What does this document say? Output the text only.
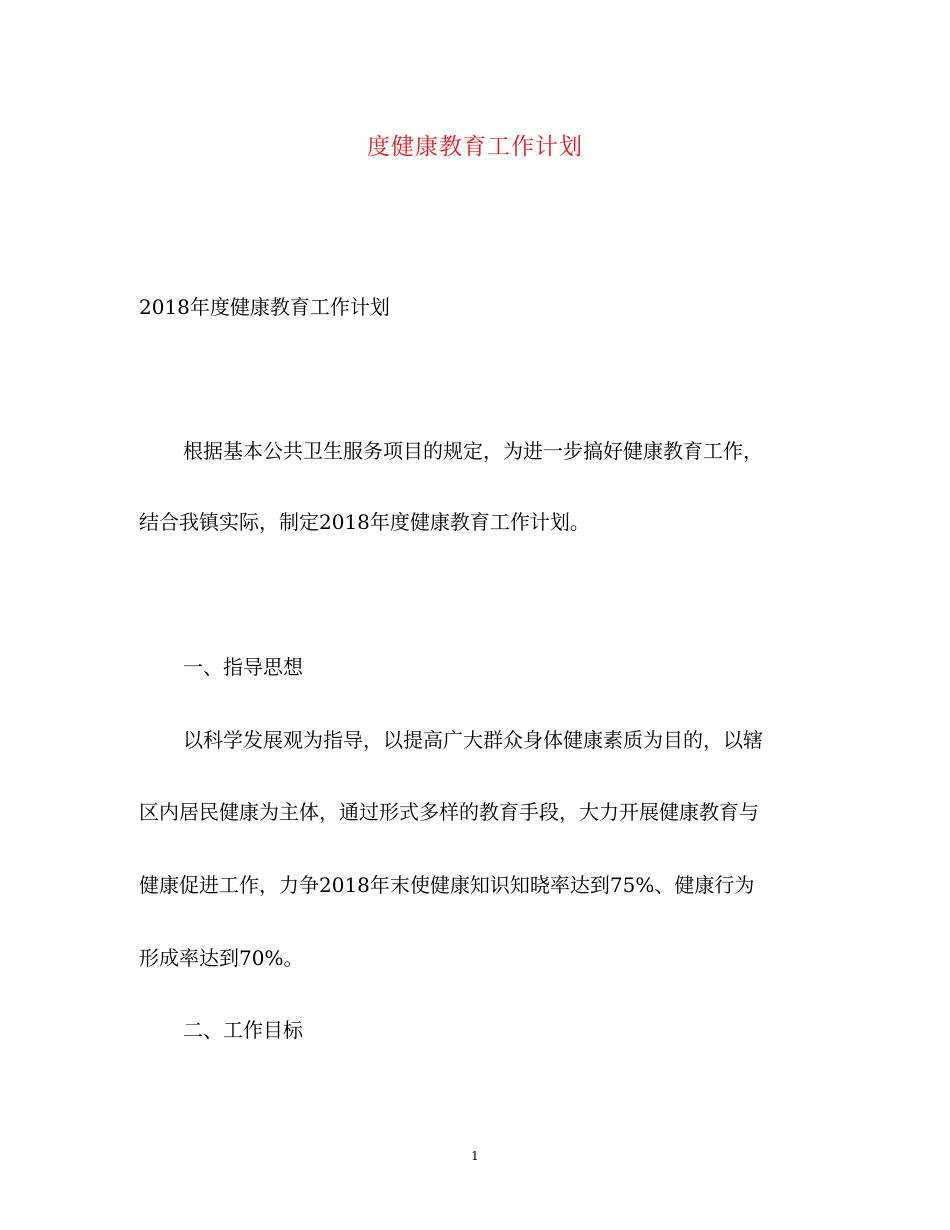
度健康教育工作计划
2018年度健康教育工作计划
根据基本公共卫生服务项目的规定，为进一步搞好健康教育工作，
结合我镇实际，制定2018年度健康教育工作计划。
一、指导思想
以科学发展观为指导，以提高广大群众身体健康素质为目的，以辖
区内居民健康为主体，通过形式多样的教育手段，大力开展健康教育与
健康促进工作，力争2018年末使健康知识知晓率达到75%、健康行为
形成率达到70%。
二、工作目标
1
